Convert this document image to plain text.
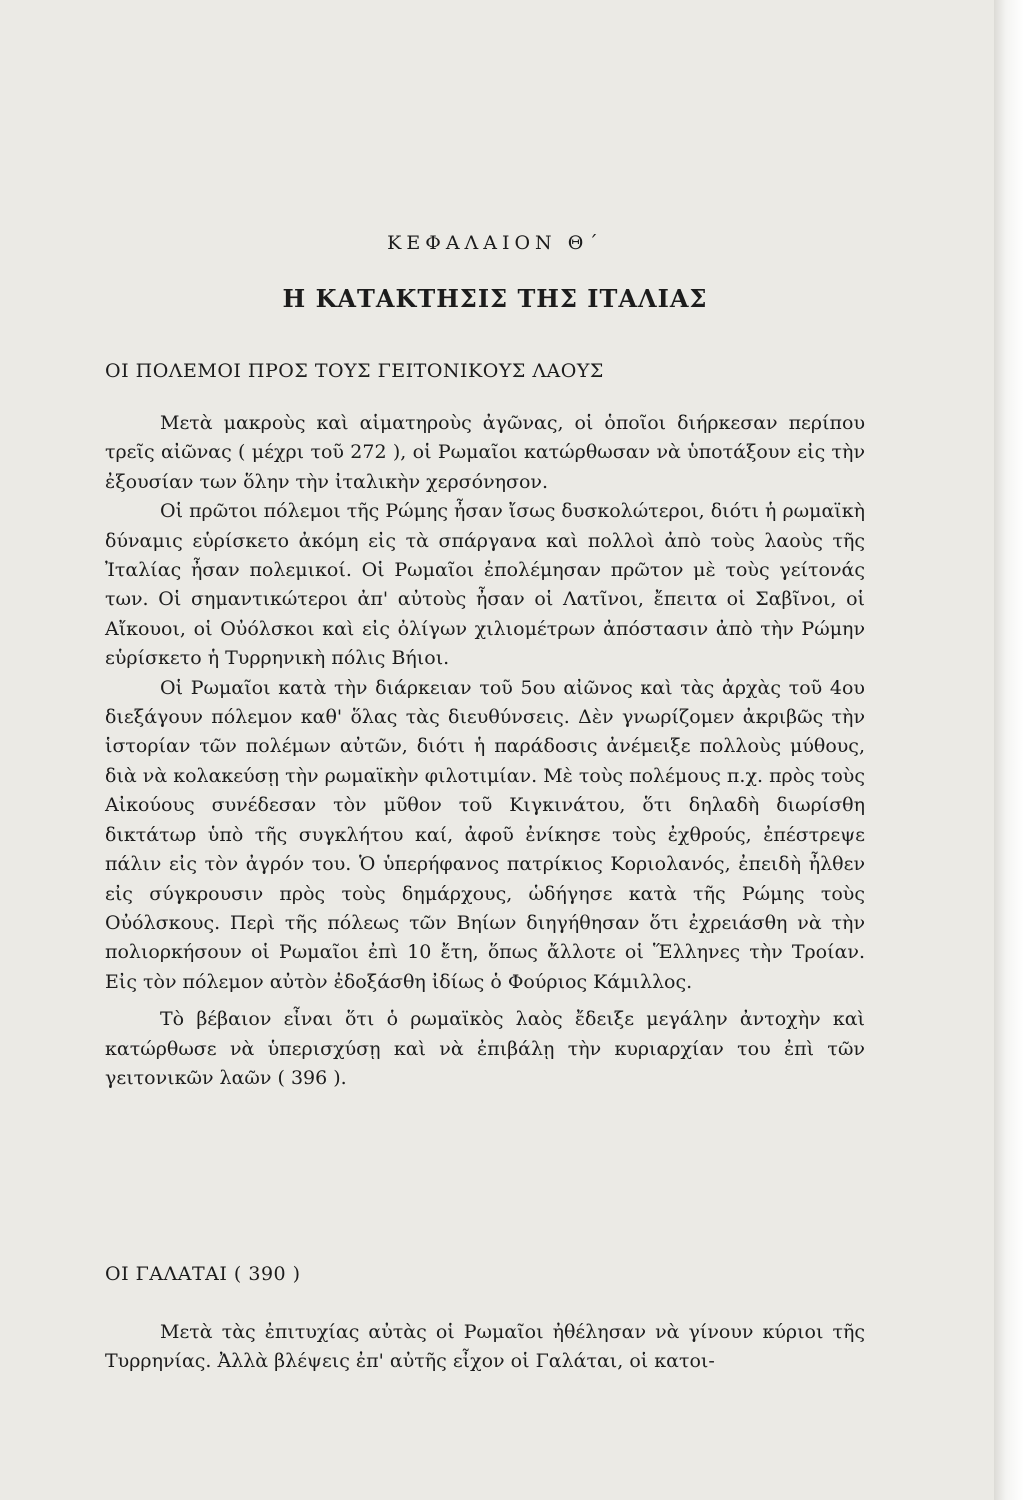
ΚΕΦΑΛΑΙΟΝ Θ΄
Η ΚΑΤΑΚΤΗΣΙΣ ΤΗΣ ΙΤΑΛΙΑΣ
ΟΙ ΠΟΛΕΜΟΙ ΠΡΟΣ ΤΟΥΣ ΓΕΙΤΟΝΙΚΟΥΣ ΛΑΟΥΣ

Μετὰ μακροὺς καὶ αἱματηροὺς ἀγῶνας, οἱ ὁποῖοι διήρκεσαν περίπου τρεῖς αἰῶνας ( μέχρι τοῦ 272 ), οἱ Ρωμαῖοι κατώρθωσαν νὰ ὑποτάξουν εἰς τὴν ἐξουσίαν των ὅλην τὴν ἰταλικὴν χερσόνησον.

Οἱ πρῶτοι πόλεμοι τῆς Ρώμης ἦσαν ἴσως δυσκολώτεροι, διότι ἡ ρωμαϊκὴ δύναμις εὑρίσκετο ἀκόμη εἰς τὰ σπάργανα καὶ πολλοὶ ἀπὸ τοὺς λαοὺς τῆς Ἰταλίας ἦσαν πολεμικοί. Οἱ Ρωμαῖοι ἐπολέμησαν πρῶτον μὲ τοὺς γείτονάς των. Οἱ σημαντικώτεροι ἀπ' αὐτοὺς ἦσαν οἱ Λατῖνοι, ἔπειτα οἱ Σαβῖνοι, οἱ Αἴκουοι, οἱ Οὐόλσκοι καὶ εἰς ὀλίγων χιλιομέτρων ἀπόστασιν ἀπὸ τὴν Ρώμην εὑρίσκετο ἡ Τυρρηνικὴ πόλις Βήιοι.

Οἱ Ρωμαῖοι κατὰ τὴν διάρκειαν τοῦ 5ου αἰῶνος καὶ τὰς ἀρχὰς τοῦ 4ου διεξάγουν πόλεμον καθ' ὅλας τὰς διευθύνσεις. Δὲν γνωρίζομεν ἀκριβῶς τὴν ἱστορίαν τῶν πολέμων αὐτῶν, διότι ἡ παράδοσις ἀνέμειξε πολλοὺς μύθους, διὰ νὰ κολακεύσῃ τὴν ρωμαϊκὴν φιλοτιμίαν. Μὲ τοὺς πολέμους π.χ. πρὸς τοὺς Αἰκούους συνέδεσαν τὸν μῦθον τοῦ Κιγκινάτου, ὅτι δηλαδὴ διωρίσθη δικτάτωρ ὑπὸ τῆς συγκλήτου καί, ἀφοῦ ἐνίκησε τοὺς ἐχθρούς, ἐπέστρεψε πάλιν εἰς τὸν ἀγρόν του. Ὁ ὑπερήφανος πατρίκιος Κοριολανός, ἐπειδὴ ἦλθεν εἰς σύγκρουσιν πρὸς τοὺς δημάρχους, ὡδήγησε κατὰ τῆς Ρώμης τοὺς Οὐόλσκους. Περὶ τῆς πόλεως τῶν Βηίων διηγήθησαν ὅτι ἐχρειάσθη νὰ τὴν πολιορκήσουν οἱ Ρωμαῖοι ἐπὶ 10 ἔτη, ὅπως ἄλλοτε οἱ Ἕλληνες τὴν Τροίαν. Εἰς τὸν πόλεμον αὐτὸν ἐδοξάσθη ἰδίως ὁ Φούριος Κάμιλλος.

Τὸ βέβαιον εἶναι ὅτι ὁ ρωμαϊκὸς λαὸς ἔδειξε μεγάλην ἀντοχὴν καὶ κατώρθωσε νὰ ὑπερισχύσῃ καὶ νὰ ἐπιβάλῃ τὴν κυριαρχίαν του ἐπὶ τῶν γειτονικῶν λαῶν ( 396 ).

ΟΙ ΓΑΛΑΤΑΙ ( 390 )

Μετὰ τὰς ἐπιτυχίας αὐτὰς οἱ Ρωμαῖοι ἠθέλησαν νὰ γίνουν κύριοι τῆς Τυρρηνίας. Ἀλλὰ βλέψεις ἐπ' αὐτῆς εἶχον οἱ Γαλάται, οἱ κατοι-
